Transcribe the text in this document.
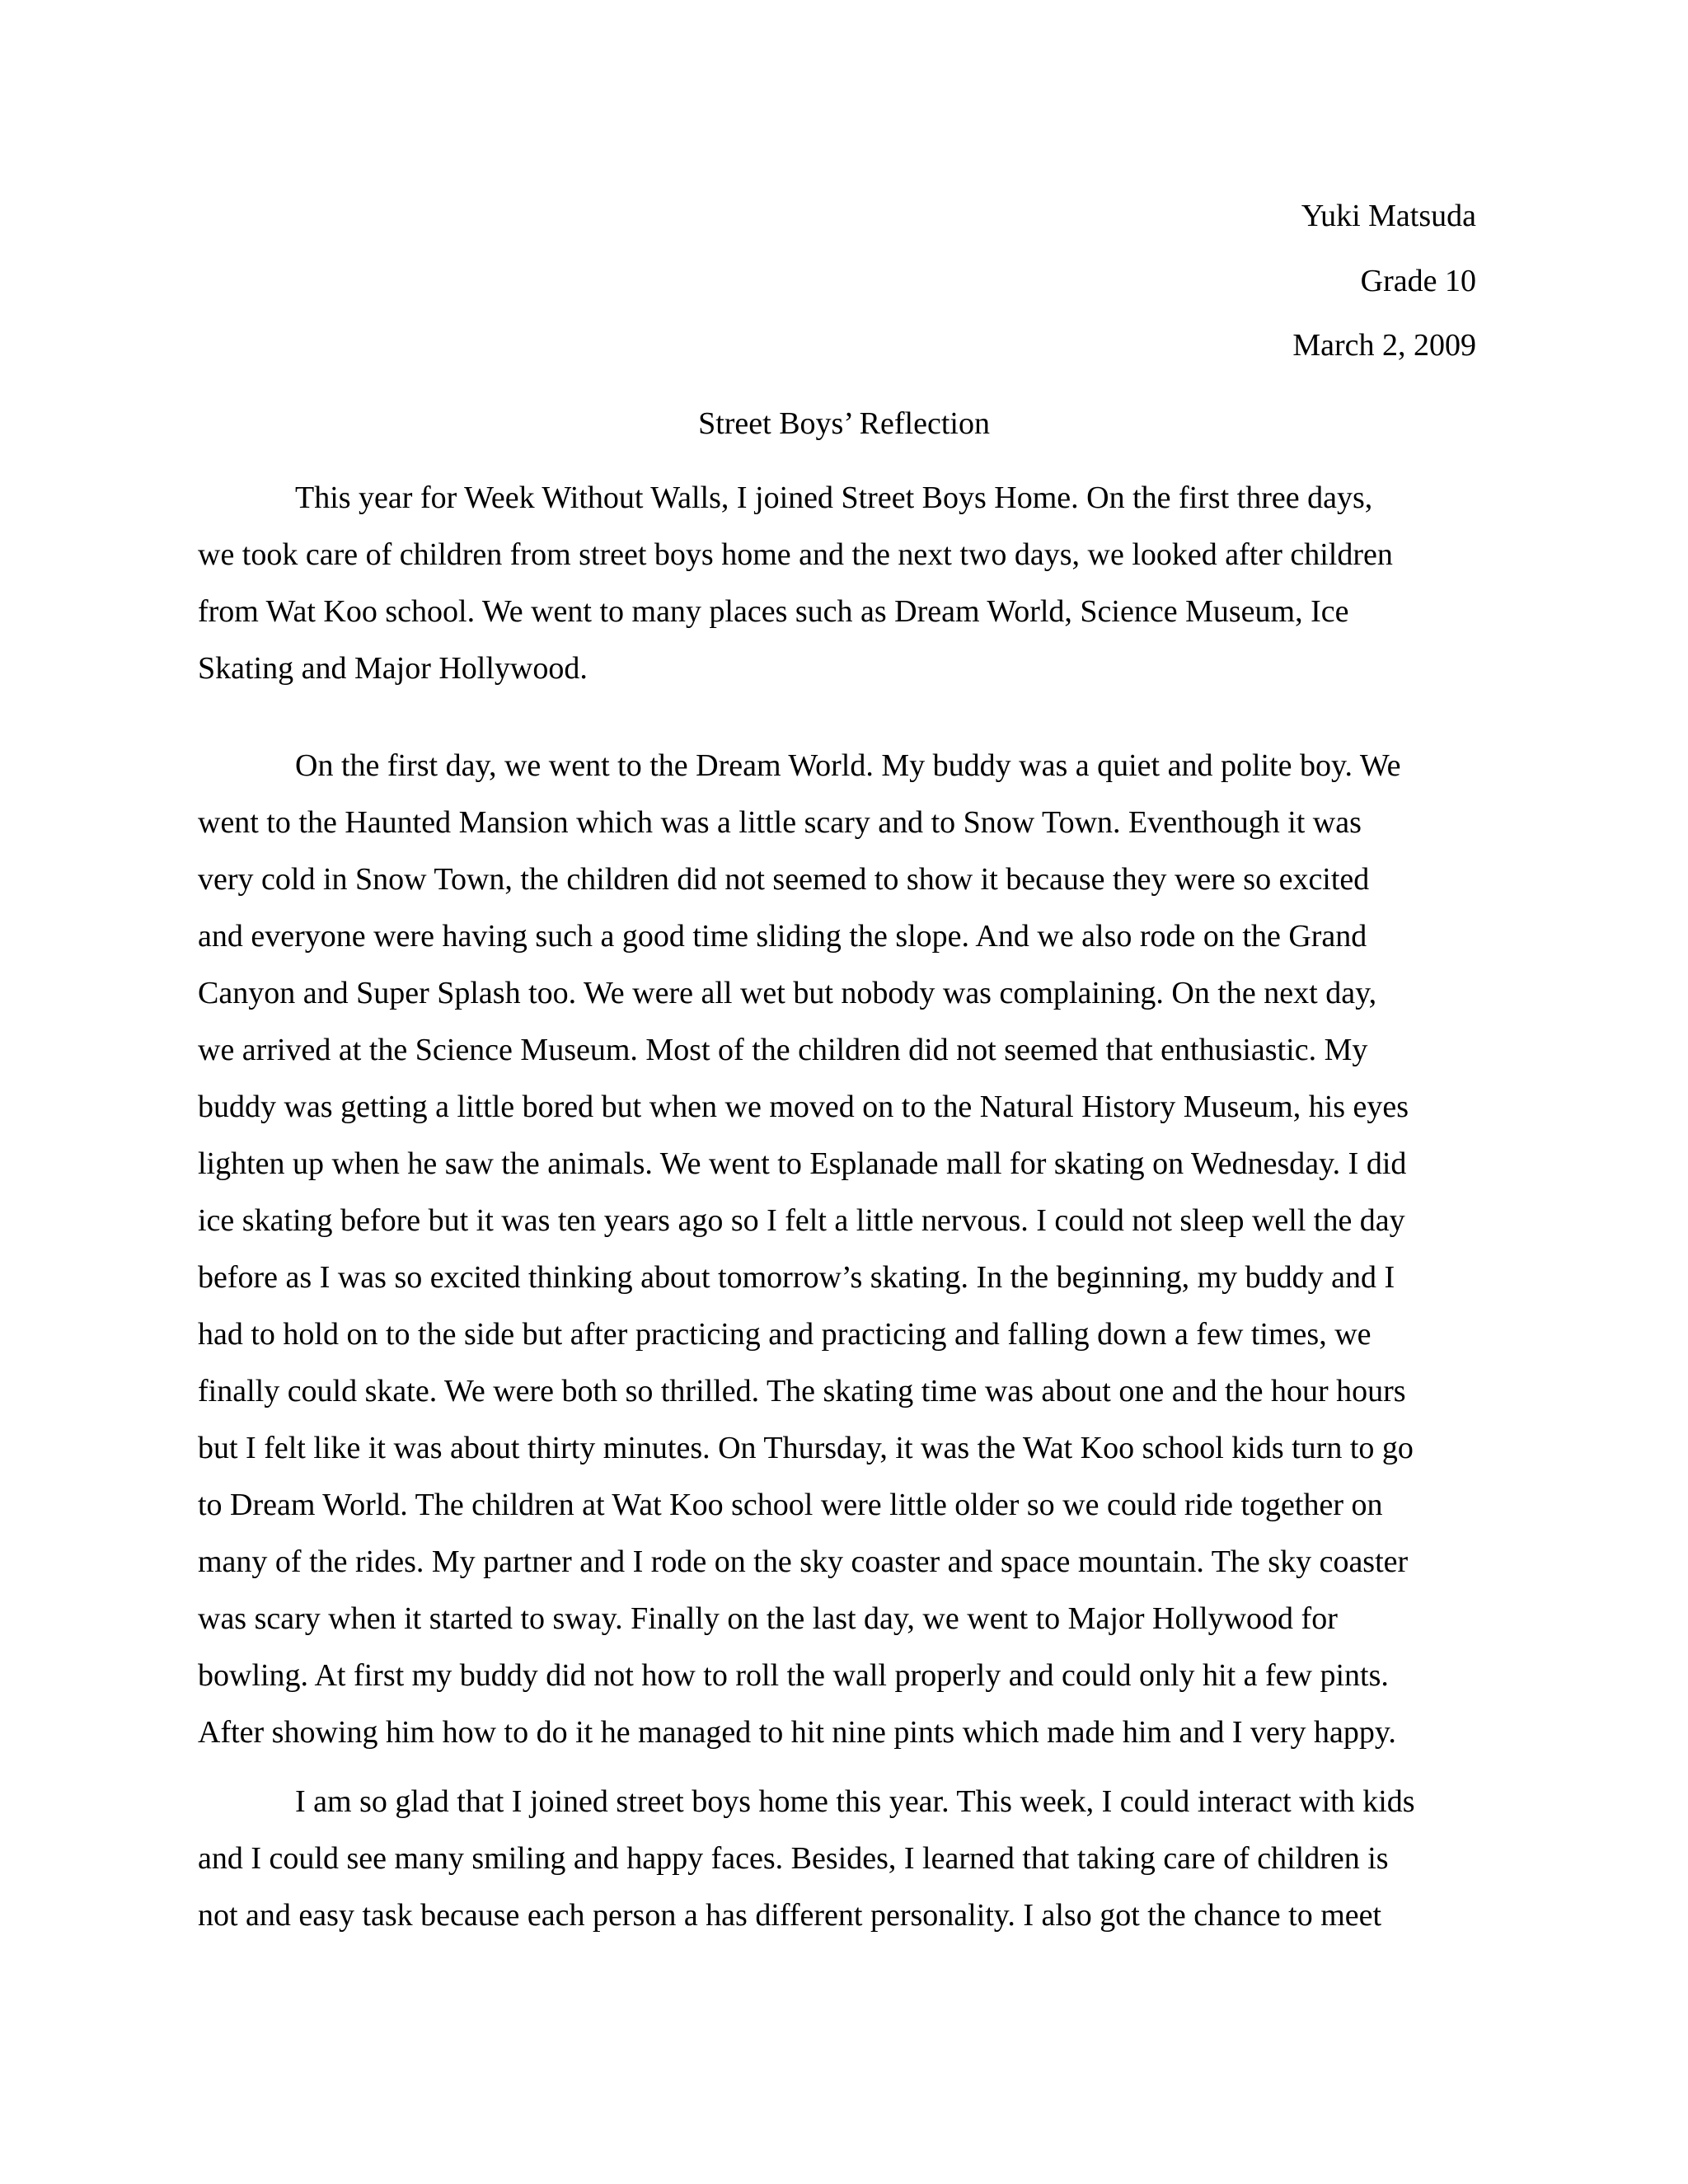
Yuki Matsuda
Grade 10
March 2, 2009
Street Boys’ Reflection
This year for Week Without Walls, I joined Street Boys Home. On the first three days,
we took care of children from street boys home and the next two days, we looked after children
from Wat Koo school. We went to many places such as Dream World, Science Museum, Ice
Skating and Major Hollywood.
On the first day, we went to the Dream World. My buddy was a quiet and polite boy. We
went to the Haunted Mansion which was a little scary and to Snow Town. Eventhough it was
very cold in Snow Town, the children did not seemed to show it because they were so excited
and everyone were having such a good time sliding the slope. And we also rode on the Grand
Canyon and Super Splash too. We were all wet but nobody was complaining. On the next day,
we arrived at the Science Museum. Most of the children did not seemed that enthusiastic. My
buddy was getting a little bored but when we moved on to the Natural History Museum, his eyes
lighten up when he saw the animals. We went to Esplanade mall for skating on Wednesday. I did
ice skating before but it was ten years ago so I felt a little nervous. I could not sleep well the day
before as I was so excited thinking about tomorrow’s skating. In the beginning, my buddy and I
had to hold on to the side but after practicing and practicing and falling down a few times, we
finally could skate. We were both so thrilled. The skating time was about one and the hour hours
but I felt like it was about thirty minutes. On Thursday, it was the Wat Koo school kids turn to go
to Dream World. The children at Wat Koo school were little older so we could ride together on
many of the rides. My partner and I rode on the sky coaster and space mountain. The sky coaster
was scary when it started to sway. Finally on the last day, we went to Major Hollywood for
bowling. At first my buddy did not how to roll the wall properly and could only hit a few pints.
After showing him how to do it he managed to hit nine pints which made him and I very happy.
I am so glad that I joined street boys home this year. This week, I could interact with kids
and I could see many smiling and happy faces. Besides, I learned that taking care of children is
not and easy task because each person a has different personality. I also got the chance to meet
